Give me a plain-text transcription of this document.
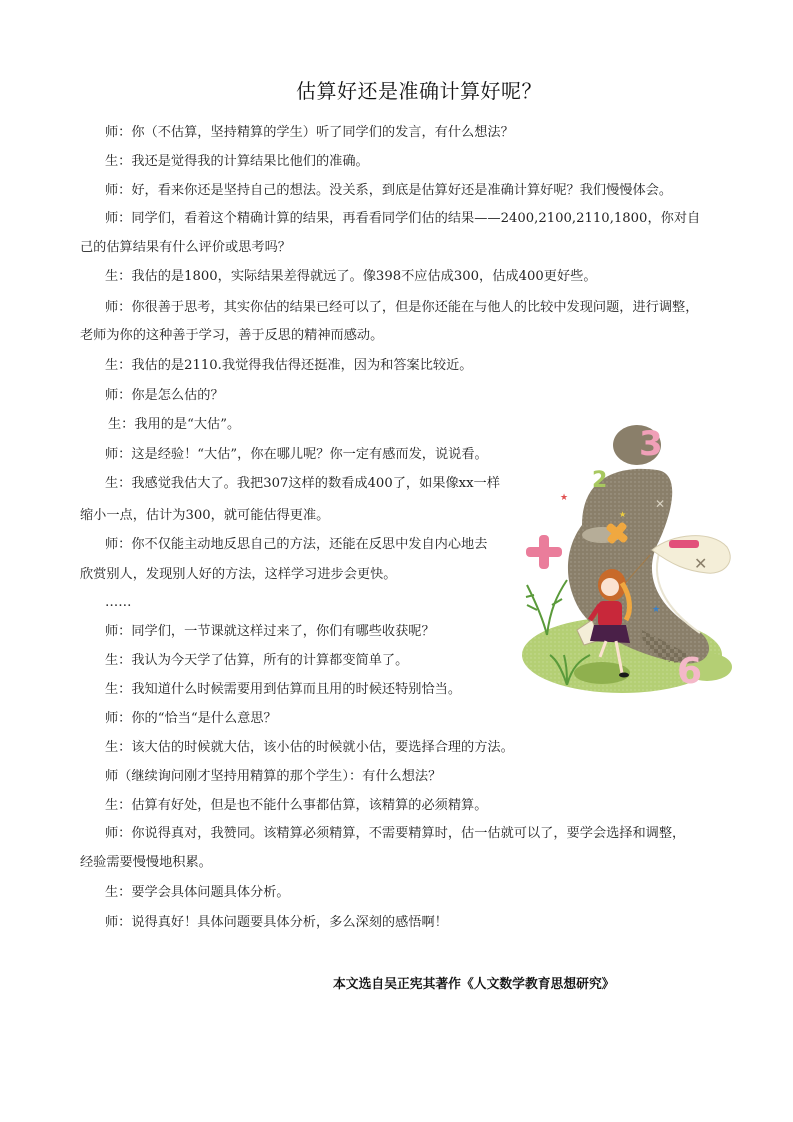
估算好还是准确计算好呢？
师：你（不估算，坚持精算的学生）听了同学们的发言，有什么想法？
生：我还是觉得我的计算结果比他们的准确。
师：好，看来你还是坚持自己的想法。没关系，到底是估算好还是准确计算好呢？我们慢慢体会。
师：同学们，看着这个精确计算的结果，再看看同学们估的结果——2400,2100,2110,1800，你对自
己的估算结果有什么评价或思考吗？
生：我估的是1800，实际结果差得就远了。像398不应估成300，估成400更好些。
师：你很善于思考，其实你估的结果已经可以了，但是你还能在与他人的比较中发现问题，进行调整，
老师为你的这种善于学习，善于反思的精神而感动。
生：我估的是2110.我觉得我估得还挺准，因为和答案比较近。
师：你是怎么估的？
生：我用的是“大估”。
师：这是经验！“大估”，你在哪儿呢？你一定有感而发，说说看。
生：我感觉我估大了。我把307这样的数看成400了，如果像xx一样
缩小一点，估计为300，就可能估得更准。
师：你不仅能主动地反思自己的方法，还能在反思中发自内心地去
欣赏别人，发现别人好的方法，这样学习进步会更快。
……
师：同学们，一节课就这样过来了，你们有哪些收获呢？
生：我认为今天学了估算，所有的计算都变简单了。
生：我知道什么时候需要用到估算而且用的时候还特别恰当。
师：你的“恰当“是什么意思？
生：该大估的时候就大估，该小估的时候就小估，要选择合理的方法。
师（继续询问刚才坚持用精算的那个学生）：有什么想法？
生：估算有好处，但是也不能什么事都估算，该精算的必须精算。
师：你说得真对，我赞同。该精算必须精算，不需要精算时，估一估就可以了，要学会选择和调整，
经验需要慢慢地积累。
生：要学会具体问题具体分析。
师：说得真好！具体问题要具体分析，多么深刻的感悟啊！
3
2
✕
✕
★
★
★
6
本文选自吴正宪其著作《人文数学教育思想研究》
